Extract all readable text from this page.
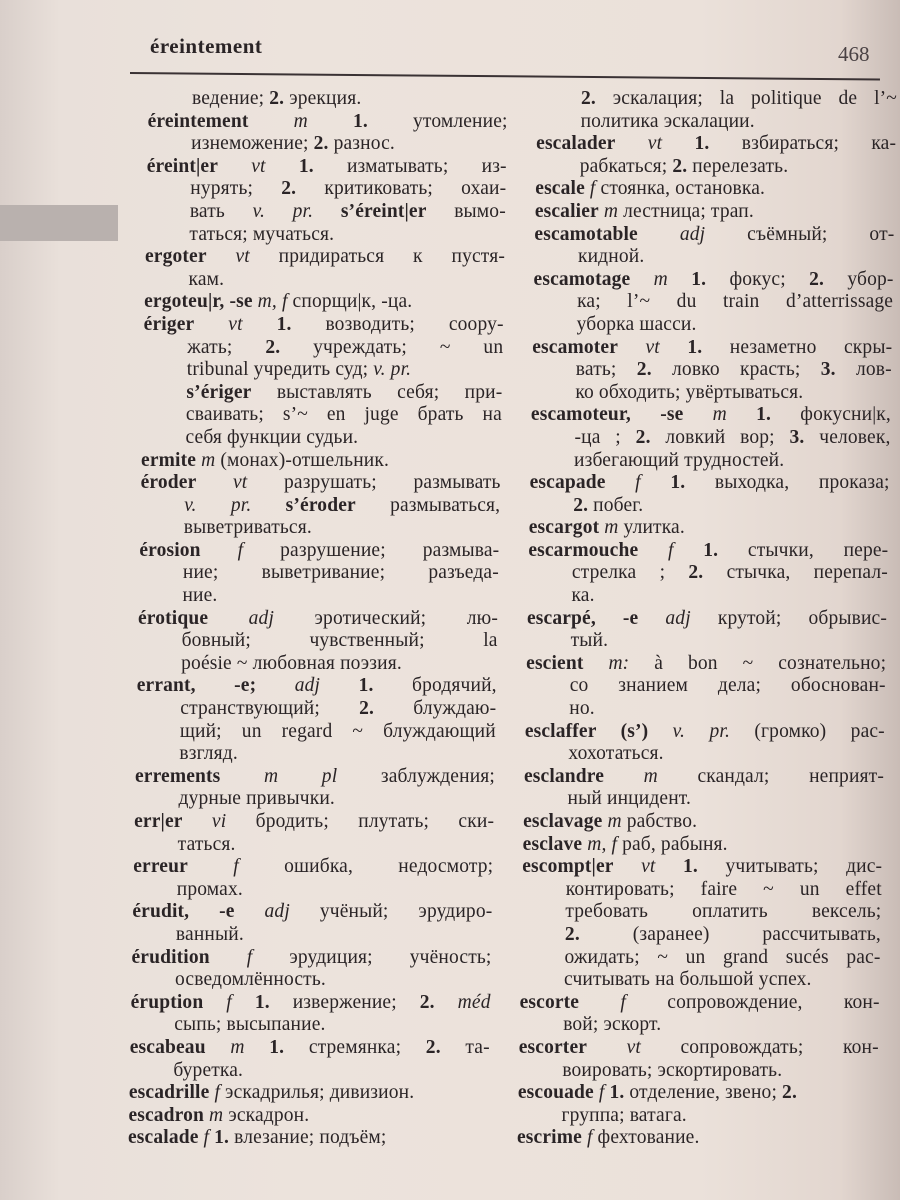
éreintement	468
ведение; 2. эрекция.
éreintement m 1. утомление;
изнеможение; 2. разнос.
éreint|er vt 1. изматывать; из-
нурять; 2. критиковать; охаи-
вать v. pr. s’éreint|er вымо-
таться; мучаться.
ergoter vt придираться к пустя-
кам.
ergoteu|r, -se m, f спорщи|к, -ца.
ériger vt 1. возводить; соору-
жать; 2. учреждать; ~ un
tribunal учредить суд; v. pr.
s’ériger выставлять себя; при-
сваивать; s’~ en juge брать на
себя функции судьи.
ermite m (монах)-отшельник.
éroder vt разрушать; размывать
v. pr. s’éroder размываться,
выветриваться.
érosion f разрушение; размыва-
ние; выветривание; разъеда-
ние.
érotique adj эротический; лю-
бовный; чувственный; la
poésie ~ любовная поэзия.
errant, -e; adj 1. бродячий,
странствующий; 2. блуждаю-
щий; un regard ~ блуждающий
взгляд.
errements m pl заблуждения;
дурные привычки.
err|er vi бродить; плутать; ски-
таться.
erreur f ошибка, недосмотр;
промах.
érudit, -e adj учёный; эрудиро-
ванный.
érudition f эрудиция; учёность;
осведомлённость.
éruption f 1. извержение; 2. méd
сыпь; высыпание.
escabeau m 1. стремянка; 2. та-
буретка.
escadrille f эскадрилья; дивизион.
escadron m эскадрон.
escalade f 1. влезание; подъём;
2. эскалация; la politique de l’~
политика эскалации.
escalader vt 1. взбираться; ка-
рабкаться; 2. перелезать.
escale f стоянка, остановка.
escalier m лестница; трап.
escamotable adj съёмный; от-
кидной.
escamotage m 1. фокус; 2. убор-
ка; l’~ du train d’atterrissage
уборка шасси.
escamoter vt 1. незаметно скры-
вать; 2. ловко красть; 3. лов-
ко обходить; увёртываться.
escamoteur, -se m 1. фокусни|к,
-ца ; 2. ловкий вор; 3. человек,
избегающий трудностей.
escapade f 1. выходка, проказа;
2. побег.
escargot m улитка.
escarmouche f 1. стычки, пере-
стрелка ; 2. стычка, перепал-
ка.
escarpé, -e adj крутой; обрывис-
тый.
escient m: à bon ~ сознательно;
со знанием дела; обоснован-
но.
esclaffer (s’) v. pr. (громко) рас-
хохотаться.
esclandre m скандал; неприят-
ный инцидент.
esclavage m рабство.
esclave m, f раб, рабыня.
escompt|er vt 1. учитывать; дис-
контировать; faire ~ un effet
требовать оплатить вексель;
2. (заранее) рассчитывать,
ожидать; ~ un grand sucés рас-
считывать на большой успех.
escorte f сопровождение, кон-
вой; эскорт.
escorter vt сопровождать; кон-
воировать; эскортировать.
escouade f 1. отделение, звено; 2.
группа; ватага.
escrime f фехтование.
